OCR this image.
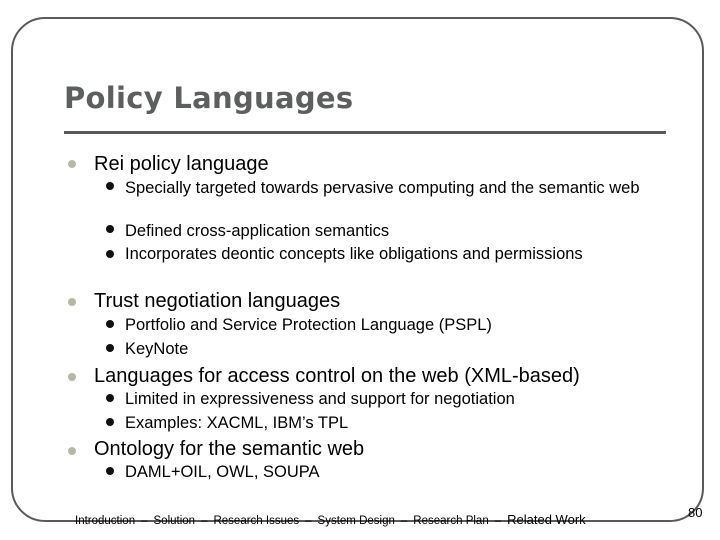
Policy Languages
Rei policy language
Specially targeted towards pervasive computing and the semantic web
Defined cross-application semantics
Incorporates deontic concepts like obligations and permissions
Trust negotiation languages
Portfolio and Service Protection Language (PSPL)
KeyNote
Languages for access control on the web (XML-based)
Limited in expressiveness and support for negotiation
Examples: XACML, IBM’s TPL
Ontology for the semantic web
DAML+OIL, OWL, SOUPA
Introduction – Solution – Research Issues – System Design – Research Plan – Related Work	80
